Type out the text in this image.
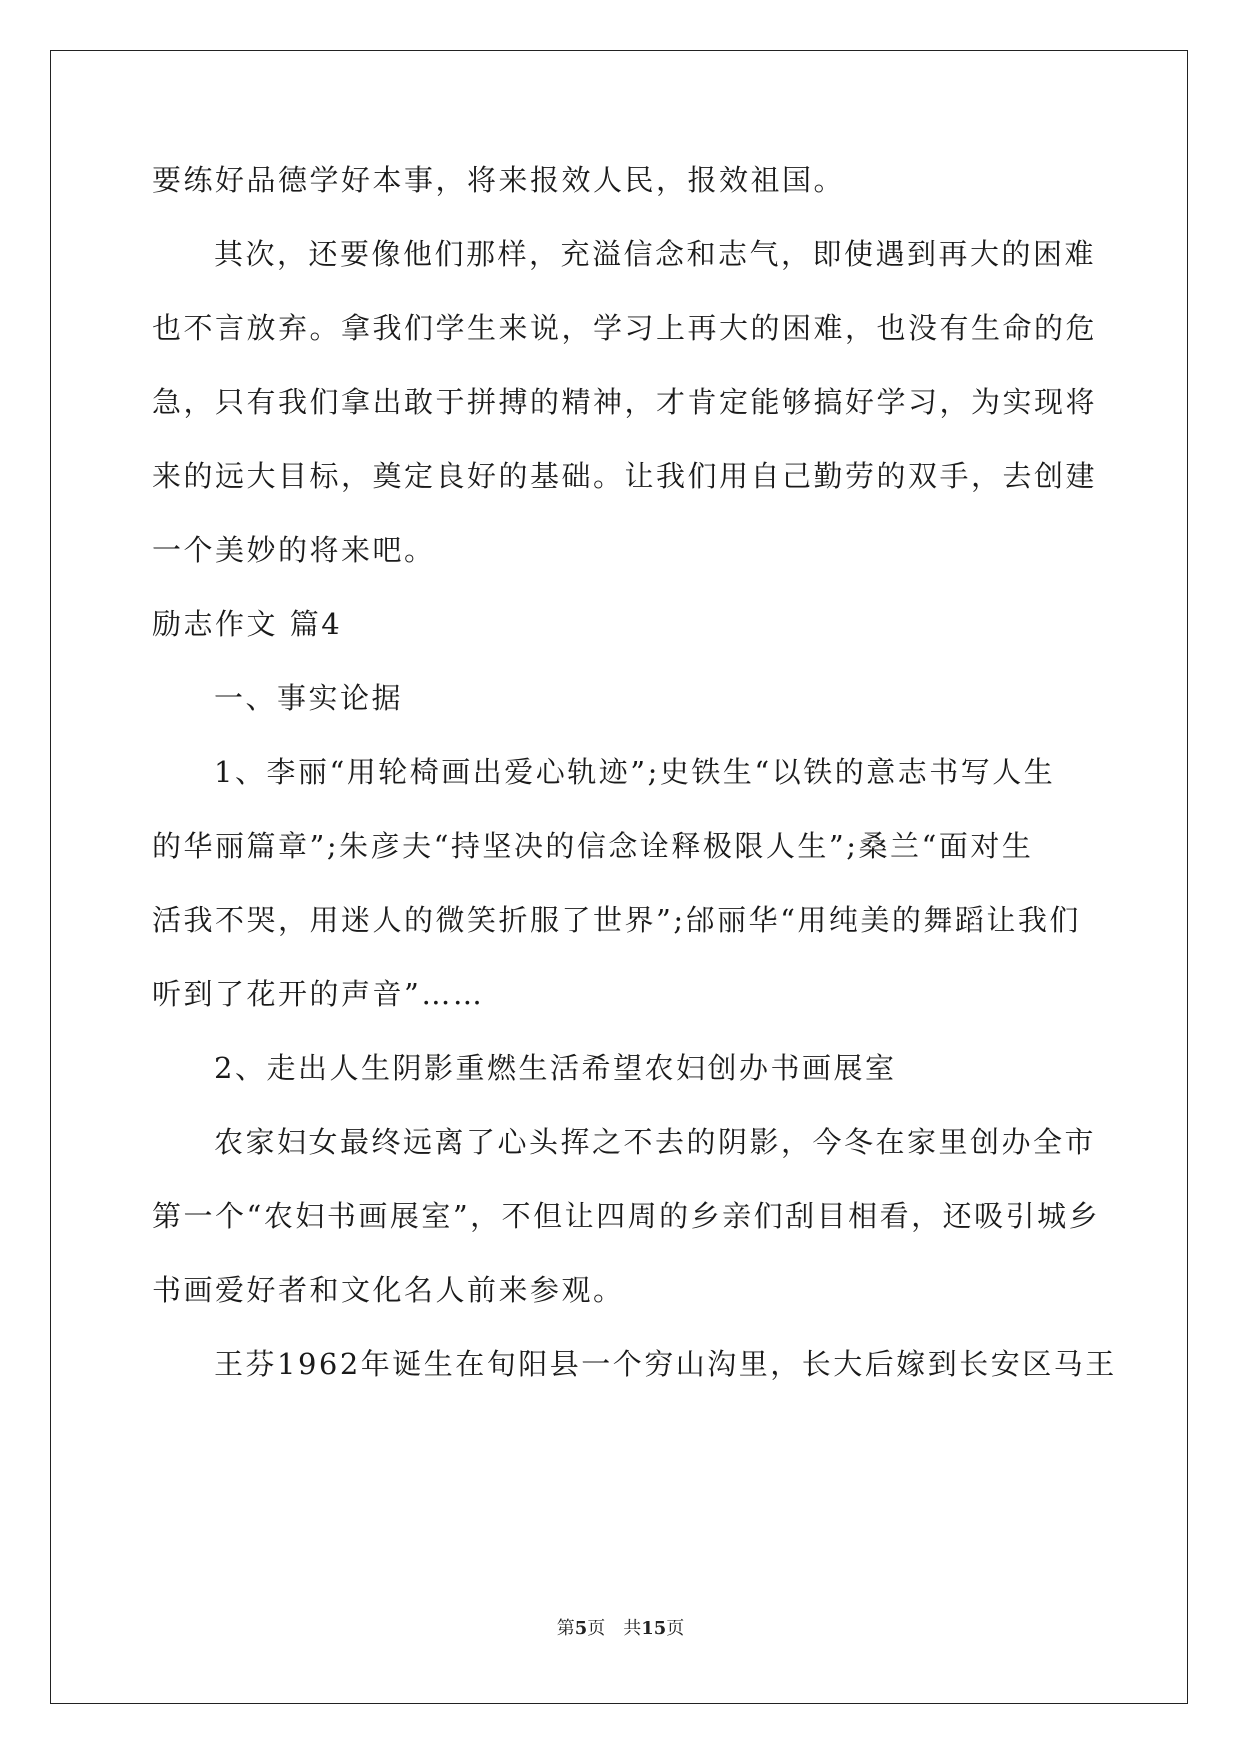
要练好品德学好本事，将来报效人民，报效祖国。
其次，还要像他们那样，充溢信念和志气，即使遇到再大的困难
也不言放弃。拿我们学生来说，学习上再大的困难，也没有生命的危
急，只有我们拿出敢于拼搏的精神，才肯定能够搞好学习，为实现将
来的远大目标，奠定良好的基础。让我们用自己勤劳的双手，去创建
一个美妙的将来吧。
励志作文 篇4
一、事实论据
1、李丽“用轮椅画出爱心轨迹”;史铁生“以铁的意志书写人生
的华丽篇章”;朱彦夫“持坚决的信念诠释极限人生”;桑兰“面对生
活我不哭，用迷人的微笑折服了世界”;邰丽华“用纯美的舞蹈让我们
听到了花开的声音”……
2、走出人生阴影重燃生活希望农妇创办书画展室
农家妇女最终远离了心头挥之不去的阴影，今冬在家里创办全市
第一个“农妇书画展室”，不但让四周的乡亲们刮目相看，还吸引城乡
书画爱好者和文化名人前来参观。
王芬1962年诞生在旬阳县一个穷山沟里，长大后嫁到长安区马王
第5页　共15页
